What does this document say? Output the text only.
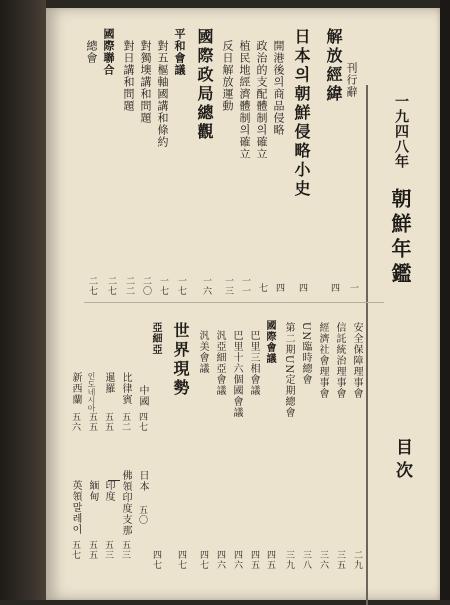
一九四八年
朝鮮年鑑
目次
刊行辭
一
解放經緯
四
日本의朝鮮侵略小史
四
開港後의商品侵略
四
政治的支配體制의確立
七
植民地經濟體制의確立
一一
反日解放運動
一三
國際政局總觀
一六
平和會議
一七
對五樞軸國講和條約
一七
對獨墺講和問題
二〇
對日講和問題
二二
國際聯合
二七
總會
二七
安全保障理事會
二九
信託統治理事會
三五
經濟社會理事會
三六
UN臨時總會
三八
第二期UN定期總會
三九
國際會議
四五
巴里三相會議
四五
巴里十六個國會議
四六
汎亞細亞會議
四六
汎美會議
四七
世界現勢
四七
亞細亞
四七
中國
四七
日本
五〇
比律賓
五二
佛領印度支那
五三
暹羅
五五
印度
五三
인도네시아
五五
緬甸
五五
新西蘭
五六
英領말레이
五七
